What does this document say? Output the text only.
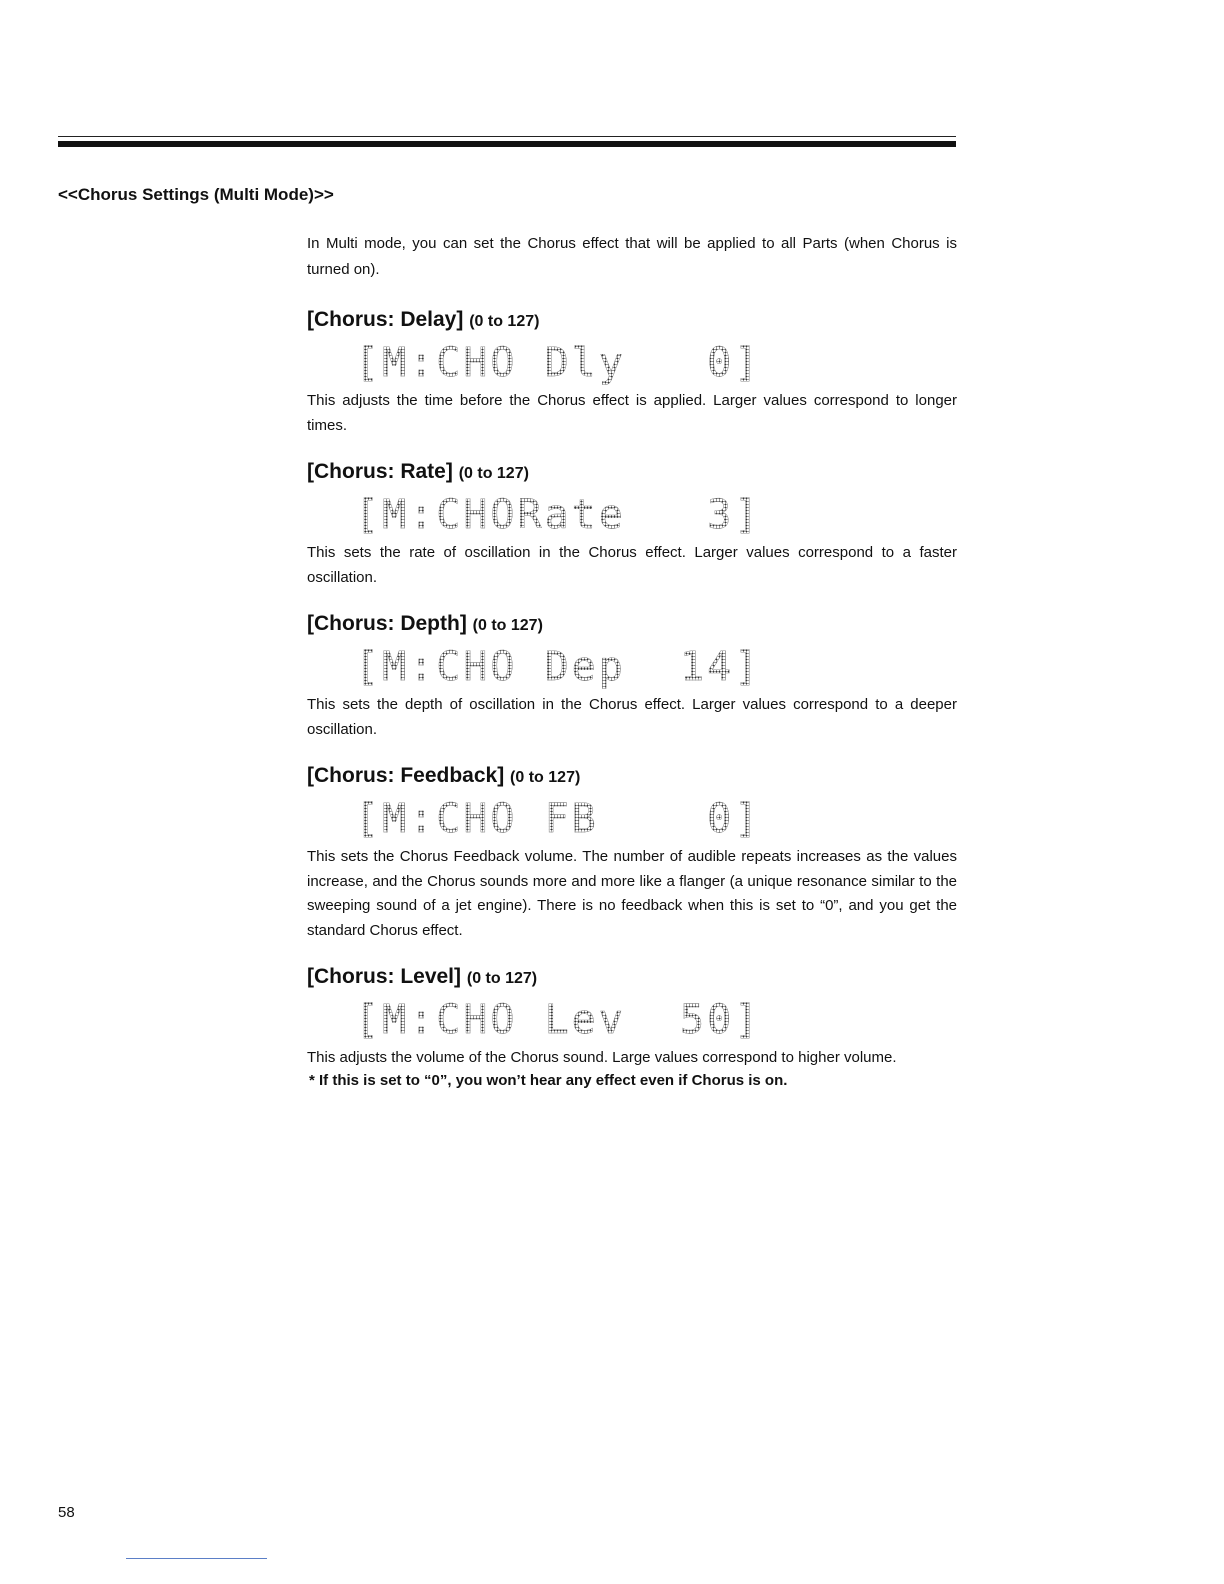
<<Chorus Settings (Multi Mode)>>
In Multi mode, you can set the Chorus effect that will be applied to all Parts (when Chorus is turned on).
[Chorus: Delay] (0 to 127)
[M:CHO Dly   0]
This adjusts the time before the Chorus effect is applied. Larger values correspond to longer times.
[Chorus: Rate] (0 to 127)
[M:CHORate   3]
This sets the rate of oscillation in the Chorus effect. Larger values correspond to a faster oscillation.
[Chorus: Depth] (0 to 127)
[M:CHO Dep  14]
This sets the depth of oscillation in the Chorus effect. Larger values correspond to a deeper oscillation.
[Chorus: Feedback] (0 to 127)
[M:CHO FB    0]
This sets the Chorus Feedback volume. The number of audible repeats increases as the values increase, and the Chorus sounds more and more like a flanger (a unique resonance similar to the sweeping sound of a jet engine). There is no feedback when this is set to “0”, and you get the standard Chorus effect.
[Chorus: Level] (0 to 127)
[M:CHO Lev  50]
This adjusts the volume of the Chorus sound. Large values correspond to higher volume.
* If this is set to “0”, you won’t hear any effect even if Chorus is on.
58
